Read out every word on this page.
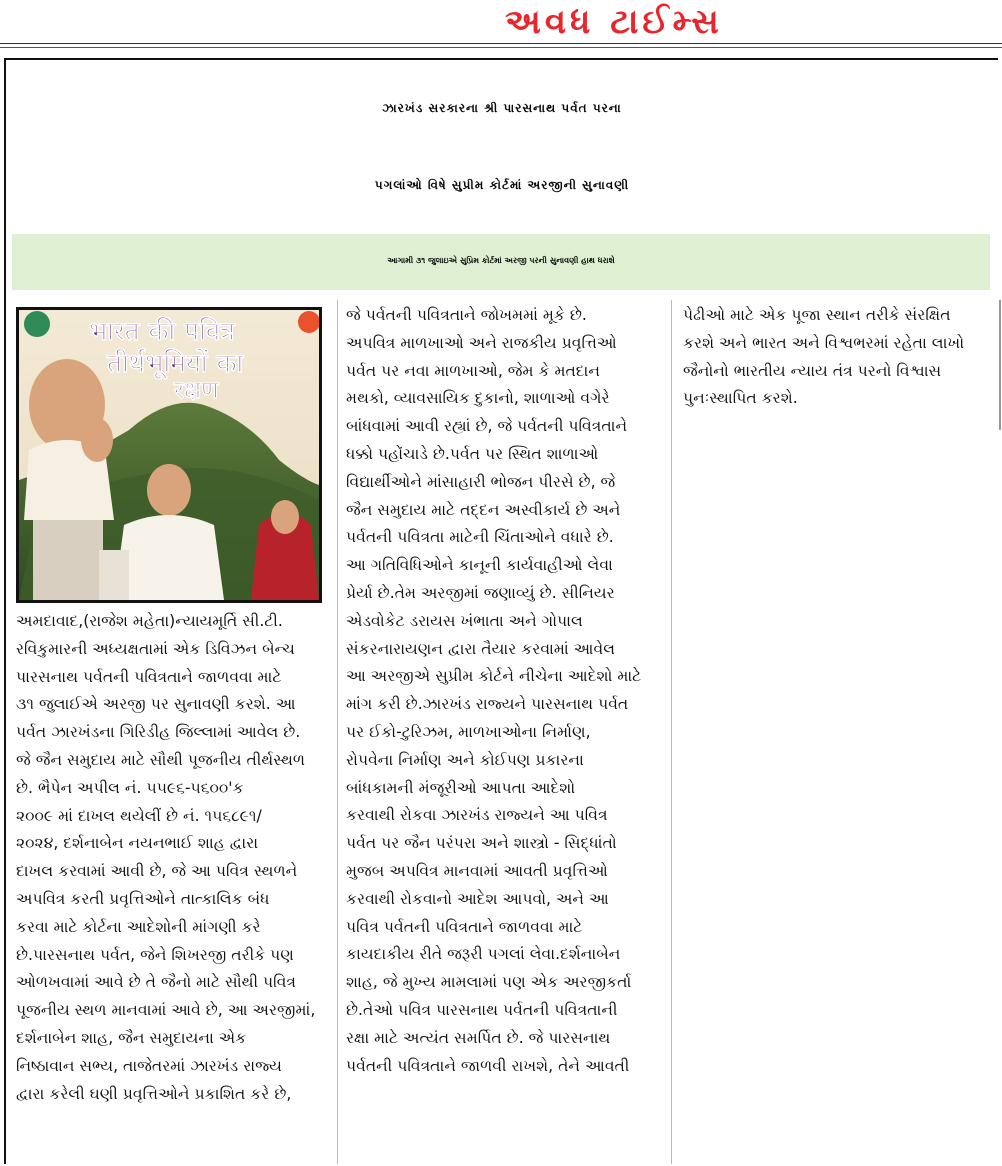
અવધ ટાઈમ્સ
ઝારખંડ સરકારના શ્રી પારસનાથ પર્વત પરના
પગલાંઓ વિષે સુપ્રીમ કોર્ટમાં અરજીની સુનાવણી
આગામી ૩૧ જુલાઇએ સુપ્રિમ કોર્ટમાં અરજી પરની સુનાવણી હાથ ધરાશે
भारत की पवित्र
तीर्थभूमियों का
रक्षण
અમદાવાદ,(રાજેશ મહેતા)ન્યાયમૂર્તિ સી.ટી.
રવિકુમારની અધ્યક્ષતામાં એક ડિવિઝન બેન્ચ
પારસનાથ પર્વતની પવિત્રતાને જાળવવા માટે
૩૧ જુલાઈએ અરજી પર સુનાવણી કરશે. આ
પર્વત ઝારખંડના ગિરિડીહ જિલ્લામાં આવેલ છે.
જે જૈન સમુદાય માટે સૌથી પૂજનીય તીર્થસ્થળ
છે. ભૈપેન અપીલ નં. ૫૫૯૬-૫૬૦૦'ક
૨૦૦૯ માં દાખલ થયેલીં છે નં. ૧૫૬૮૯૧/
૨૦૨૪, દર્શનાબેન નયનભાઈ શાહ દ્વારા
દાખલ કરવામાં આવી છે, જે આ પવિત્ર સ્થળને
અપવિત્ર કરતી પ્રવૃત્તિઓને તાત્કાલિક બંધ
કરવા માટે કોર્ટના આદેશોની માંગણી કરે
છે.પારસનાથ પર્વત, જેને શિખરજી તરીકે પણ
ઓળખવામાં આવે છે તે જૈનો માટે સૌથી પવિત્ર
પૂજનીય સ્થળ માનવામાં આવે છે, આ અરજીમાં,
દર્શનાબેન શાહ, જૈન સમુદાયના એક
નિષ્ઠાવાન સભ્ય, તાજેતરમાં ઝારખંડ રાજ્ય
દ્વારા કરેલી ઘણી પ્રવૃત્તિઓને પ્રકાશિત કરે છે,
જે પર્વતની પવિત્રતાને જોખમમાં મૂકે છે.
અપવિત્ર માળખાઓ અને રાજકીય પ્રવૃત્તિઓ
પર્વત પર નવા માળખાઓ, જેમ કે મતદાન
મથકો, વ્યાવસાયિક દુકાનો, શાળાઓ વગેરે
બાંધવામાં આવી રહ્યાં છે, જે પર્વતની પવિત્રતાને
ધક્કો પહોંચાડે છે.પર્વત પર સ્થિત શાળાઓ
વિદ્યાર્થીઓને માંસાહારી ભોજન પીરસે છે, જે
જૈન સમુદાય માટે તદ્દન અસ્વીકાર્ય છે અને
પર્વતની પવિત્રતા માટેની ચિંતાઓને વધારે છે.
આ ગતિવિધિઓને કાનૂની કાર્યવાહીઓ લેવા
પ્રેર્યા છે.તેમ અરજીમાં જણાવ્યું છે. સીનિયર
એડવોકેટ ડરાયસ ખંભાતા અને ગોપાલ
સંકરનારાયણન દ્વારા તૈયાર કરવામાં આવેલ
આ અરજીએ સુપ્રીમ કોર્ટને નીચેના આદેશો માટે
માંગ કરી છે.ઝારખંડ રાજ્યને પારસનાથ પર્વત
પર ઈકો-ટુરિઝમ, માળખાઓના નિર્માણ,
રોપવેના નિર્માણ અને કોઈપણ પ્રકારના
બાંધકામની મંજૂરીઓ આપતા આદેશો
કરવાથી રોકવા ઝારખંડ રાજ્યને આ પવિત્ર
પર્વત પર જૈન પરંપરા અને શાસ્ત્રો - સિદ્ધાંતો
મુજબ અપવિત્ર માનવામાં આવતી પ્રવૃત્તિઓ
કરવાથી રોકવાનો આદેશ આપવો, અને આ
પવિત્ર પર્વતની પવિત્રતાને જાળવવા માટે
કાયદાકીય રીતે જરૂરી પગલાં લેવા.દર્શનાબેન
શાહ, જે મુખ્ય મામલામાં પણ એક અરજીકર્તા
છે.તેઓ પવિત્ર પારસનાથ પર્વતની પવિત્રતાની
રક્ષા માટે અત્યંત સમર્પિત છે. જે પારસનાથ
પર્વતની પવિત્રતાને જાળવી રાખશે, તેને આવતી
પેઢીઓ માટે એક પૂજા સ્થાન તરીકે સંરક્ષિત
કરશે અને ભારત અને વિશ્વભરમાં રહેતા લાખો
જૈનોનો ભારતીય ન્યાય તંત્ર પરનો વિશ્વાસ
પુનઃસ્થાપિત કરશે.
